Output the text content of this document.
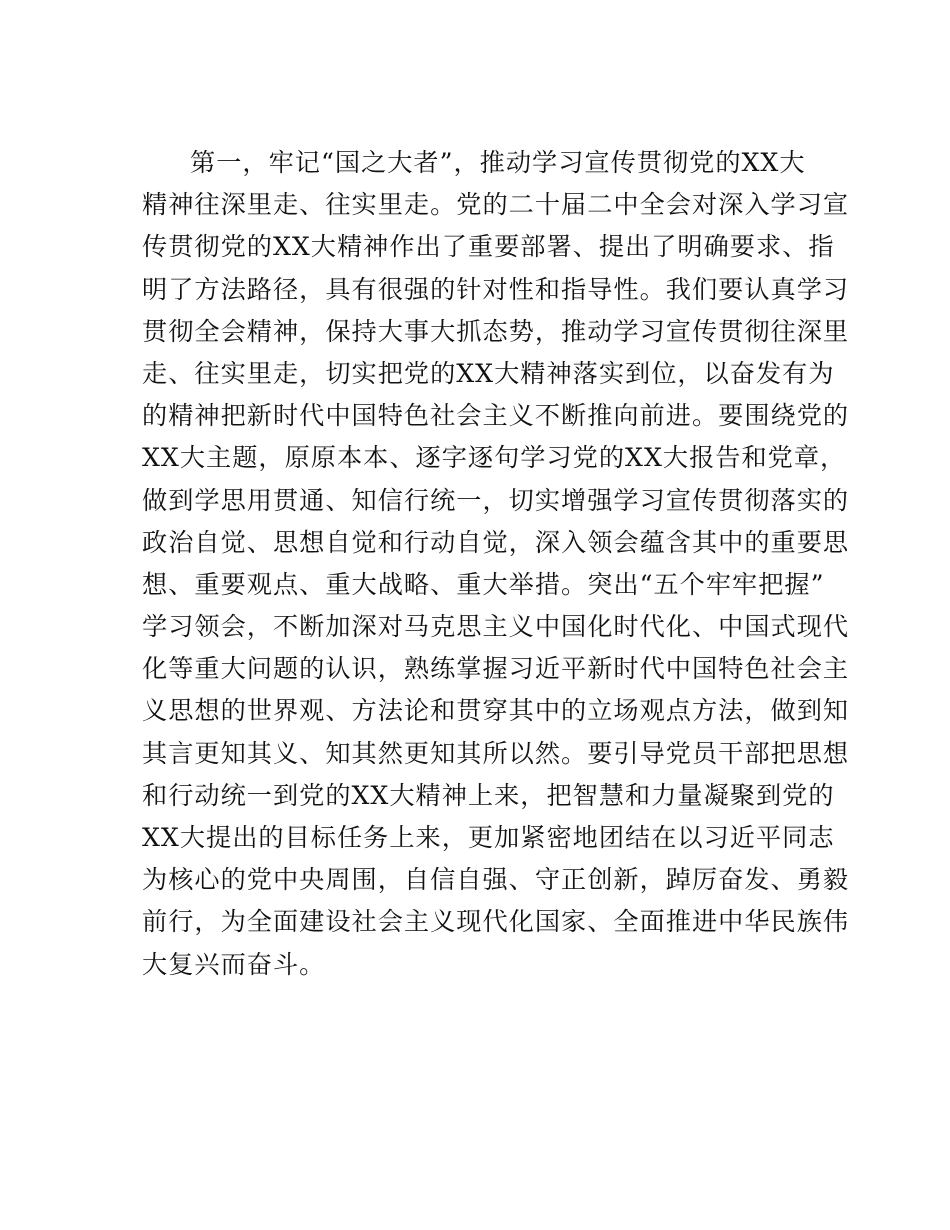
第一，牢记“国之大者”，推动学习宣传贯彻党的XX大
精神往深里走、往实里走。党的二十届二中全会对深入学习宣
传贯彻党的XX大精神作出了重要部署、提出了明确要求、指
明了方法路径，具有很强的针对性和指导性。我们要认真学习
贯彻全会精神，保持大事大抓态势，推动学习宣传贯彻往深里
走、往实里走，切实把党的XX大精神落实到位，以奋发有为
的精神把新时代中国特色社会主义不断推向前进。要围绕党的
XX大主题，原原本本、逐字逐句学习党的XX大报告和党章，
做到学思用贯通、知信行统一，切实增强学习宣传贯彻落实的
政治自觉、思想自觉和行动自觉，深入领会蕴含其中的重要思
想、重要观点、重大战略、重大举措。突出“五个牢牢把握”
学习领会，不断加深对马克思主义中国化时代化、中国式现代
化等重大问题的认识，熟练掌握习近平新时代中国特色社会主
义思想的世界观、方法论和贯穿其中的立场观点方法，做到知
其言更知其义、知其然更知其所以然。要引导党员干部把思想
和行动统一到党的XX大精神上来，把智慧和力量凝聚到党的
XX大提出的目标任务上来，更加紧密地团结在以习近平同志
为核心的党中央周围，自信自强、守正创新，踔厉奋发、勇毅
前行，为全面建设社会主义现代化国家、全面推进中华民族伟
大复兴而奋斗。
